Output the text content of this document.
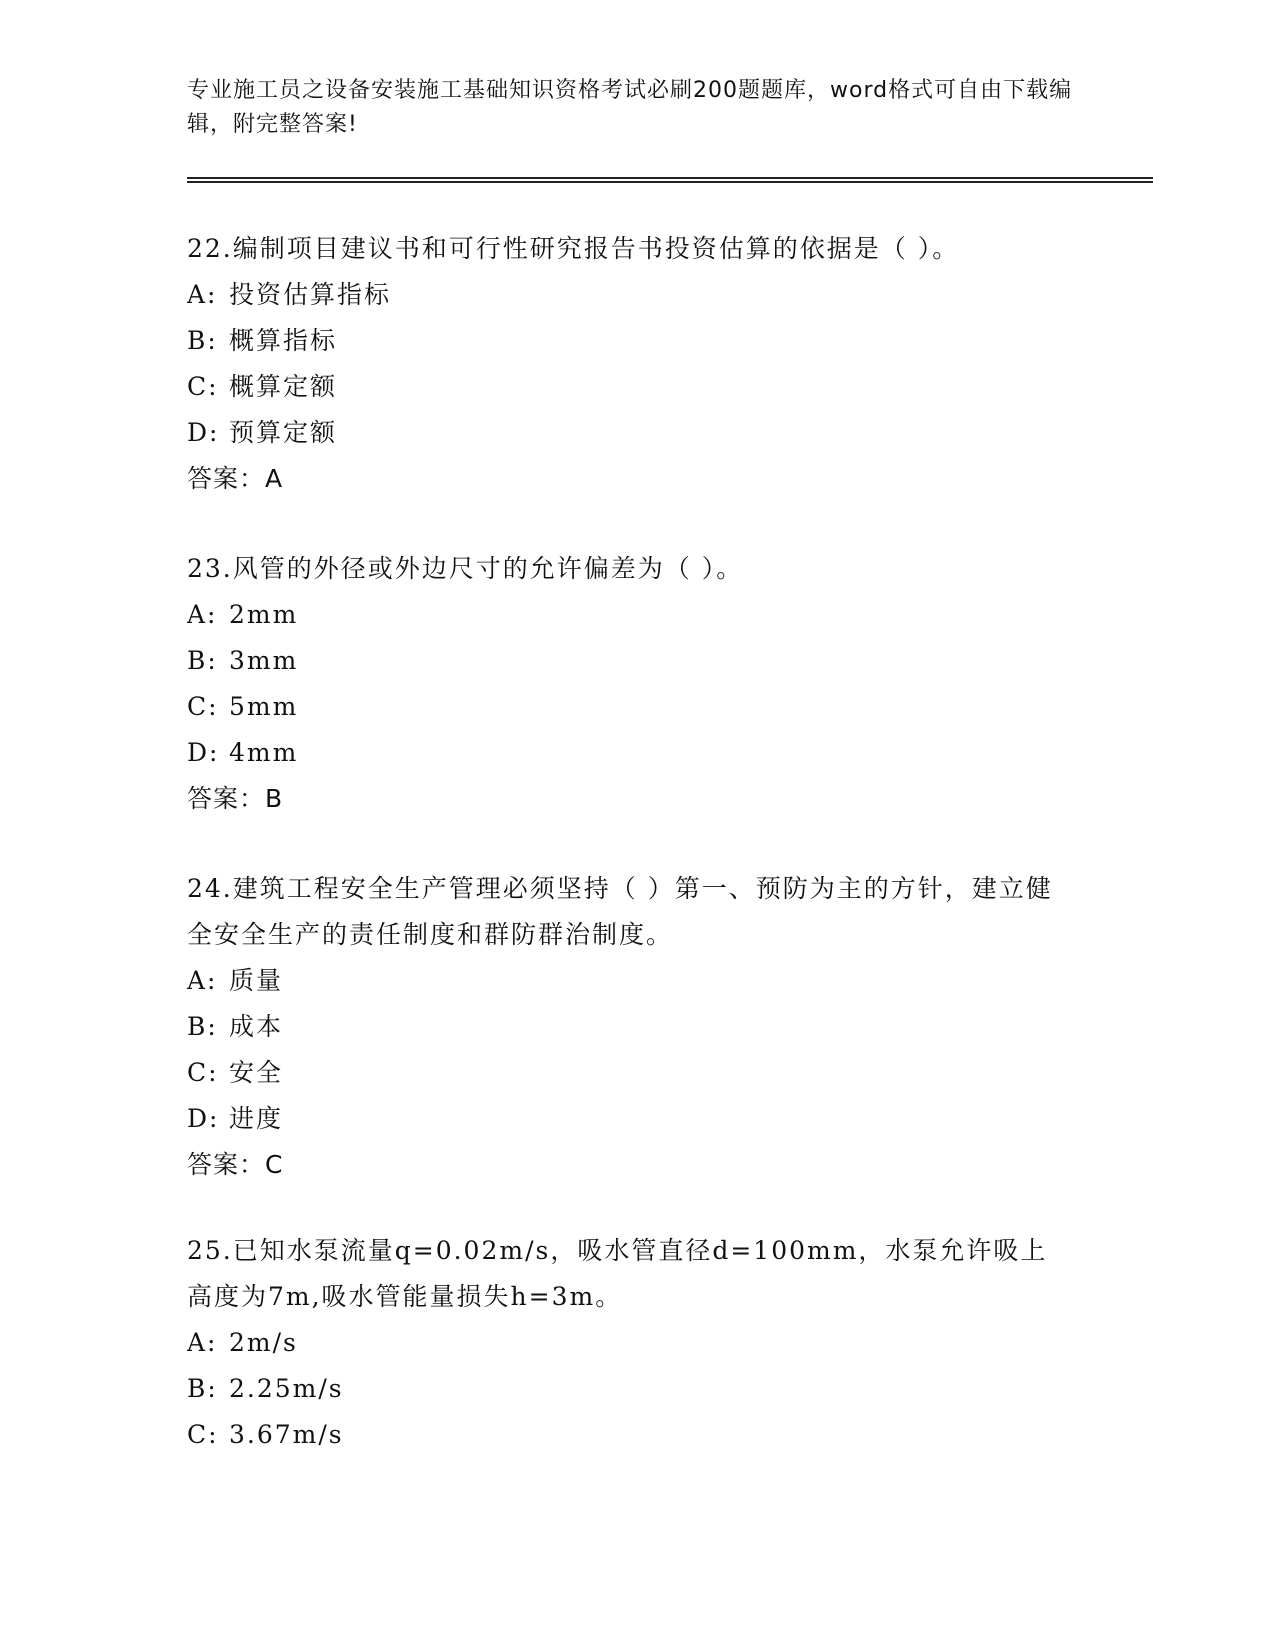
专业施工员之设备安装施工基础知识资格考试必刷200题题库，word格式可自由下载编辑，附完整答案!
22.编制项目建议书和可行性研究报告书投资估算的依据是（ ）。
A: 投资估算指标
B: 概算指标
C: 概算定额
D: 预算定额
答案：A
23.风管的外径或外边尺寸的允许偏差为（ ）。
A: 2mm
B: 3mm
C: 5mm
D: 4mm
答案：B
24.建筑工程安全生产管理必须坚持（ ）第一、预防为主的方针，建立健全安全生产的责任制度和群防群治制度。
A: 质量
B: 成本
C: 安全
D: 进度
答案：C
25.已知水泵流量q=0.02m/s，吸水管直径d=100mm，水泵允许吸上高度为7m,吸水管能量损失h=3m。
A: 2m/s
B: 2.25m/s
C: 3.67m/s
